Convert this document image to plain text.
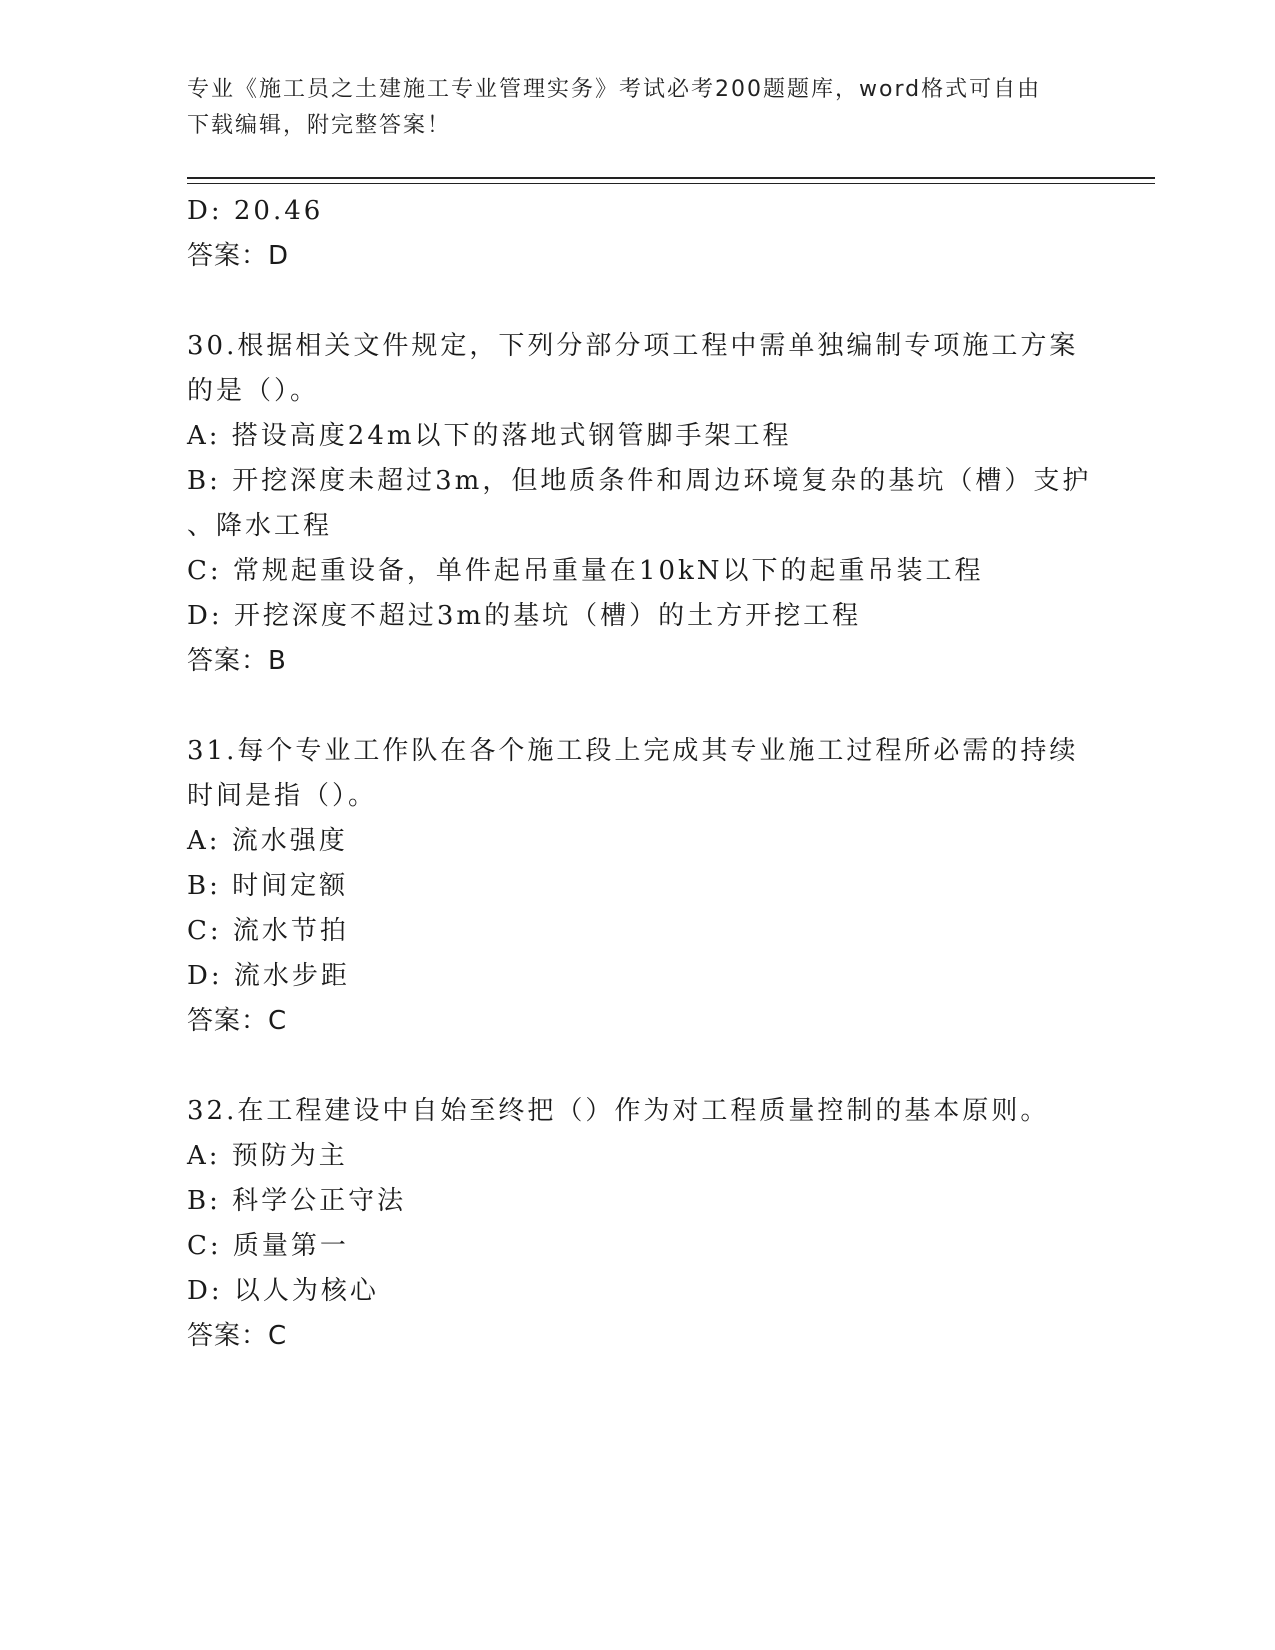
专业《施工员之土建施工专业管理实务》考试必考200题题库，word格式可自由
下载编辑，附完整答案！
D: 20.46
答案：D
30.根据相关文件规定，下列分部分项工程中需单独编制专项施工方案
的是（）。
A: 搭设高度24m以下的落地式钢管脚手架工程
B: 开挖深度未超过3m，但地质条件和周边环境复杂的基坑（槽）支护
、降水工程
C: 常规起重设备，单件起吊重量在10kN以下的起重吊装工程
D: 开挖深度不超过3m的基坑（槽）的土方开挖工程
答案：B
31.每个专业工作队在各个施工段上完成其专业施工过程所必需的持续
时间是指（）。
A: 流水强度
B: 时间定额
C: 流水节拍
D: 流水步距
答案：C
32.在工程建设中自始至终把（）作为对工程质量控制的基本原则。
A: 预防为主
B: 科学公正守法
C: 质量第一
D: 以人为核心
答案：C
